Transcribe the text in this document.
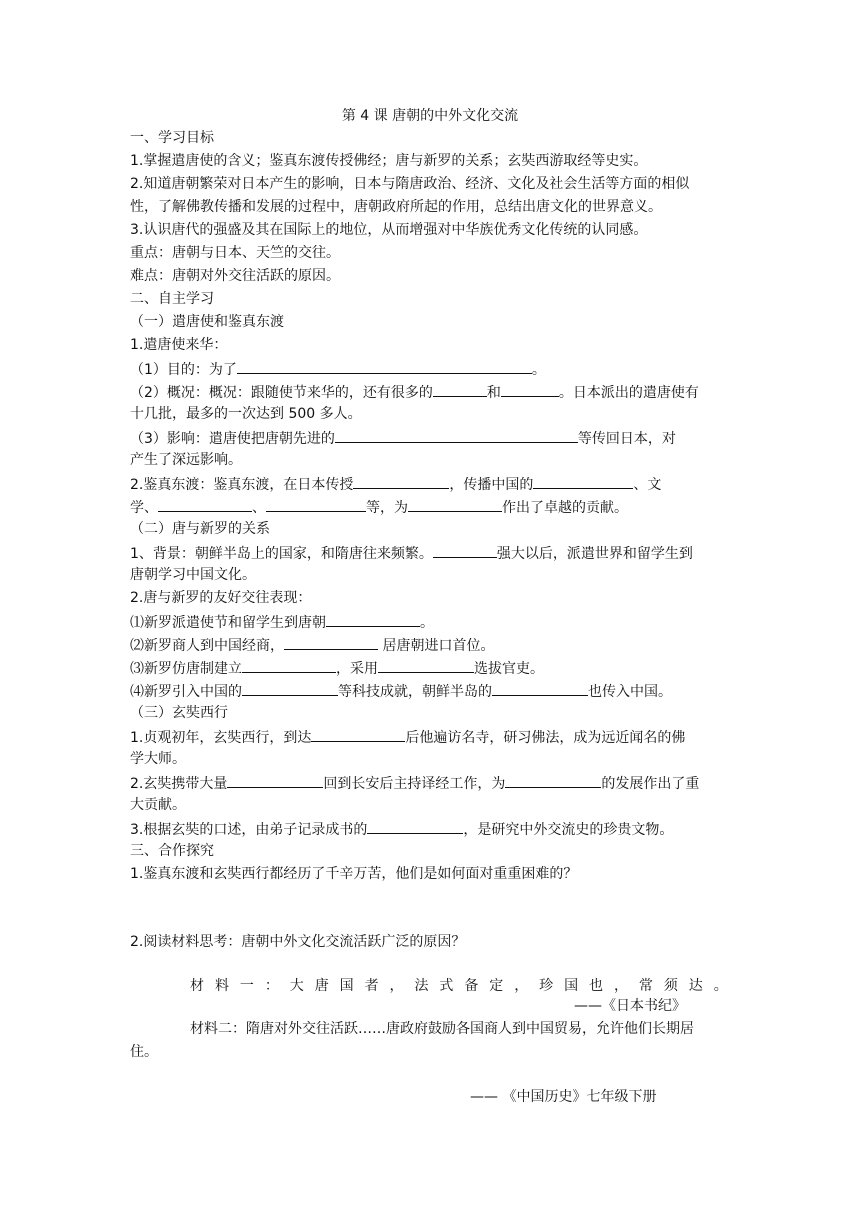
第 4 课 唐朝的中外文化交流
一、学习目标
1.掌握遣唐使的含义；鉴真东渡传授佛经；唐与新罗的关系；玄奘西游取经等史实。
2.知道唐朝繁荣对日本产生的影响，日本与隋唐政治、经济、文化及社会生活等方面的相似
性，了解佛教传播和发展的过程中，唐朝政府所起的作用，总结出唐文化的世界意义。
3.认识唐代的强盛及其在国际上的地位，从而增强对中华族优秀文化传统的认同感。
重点：唐朝与日本、天竺的交往。
难点：唐朝对外交往活跃的原因。
二、自主学习
（一）遣唐使和鉴真东渡
1.遣唐使来华：
（1）目的：为了	。
（2）概况：概况：跟随使节来华的，还有很多的	和	。日本派出的遣唐使有
十几批，最多的一次达到 500 多人。
（3）影响：遣唐使把唐朝先进的	等传回日本，对
产生了深远影响。
2.鉴真东渡：鉴真东渡，在日本传授	，传播中国的	、文
学、	、	等，为	作出了卓越的贡献。
（二）唐与新罗的关系
1、背景：朝鲜半岛上的国家，和隋唐往来频繁。	强大以后，派遣世界和留学生到
唐朝学习中国文化。
2.唐与新罗的友好交往表现：
⑴新罗派遣使节和留学生到唐朝	。
⑵新罗商人到中国经商，	居唐朝进口首位。
⑶新罗仿唐制建立	，采用	选拔官吏。
⑷新罗引入中国的	等科技成就，朝鲜半岛的	也传入中国。
（三）玄奘西行
1.贞观初年，玄奘西行，到达	后他遍访名寺，研习佛法，成为远近闻名的佛
学大师。
2.玄奘携带大量	回到长安后主持译经工作，为	的发展作出了重
大贡献。
3.根据玄奘的口述，由弟子记录成书的	，是研究中外交流史的珍贵文物。
三、合作探究
1.鉴真东渡和玄奘西行都经历了千辛万苦，他们是如何面对重重困难的？
2.阅读材料思考：唐朝中外文化交流活跃广泛的原因？
材 料 一 ： 大 唐 国 者 ， 法 式 备 定 ， 珍 国 也 ， 常 须 达 。
——《日本书纪》
材料二：隋唐对外交往活跃……唐政府鼓励各国商人到中国贸易，允许他们长期居
住。
—— 《中国历史》七年级下册
